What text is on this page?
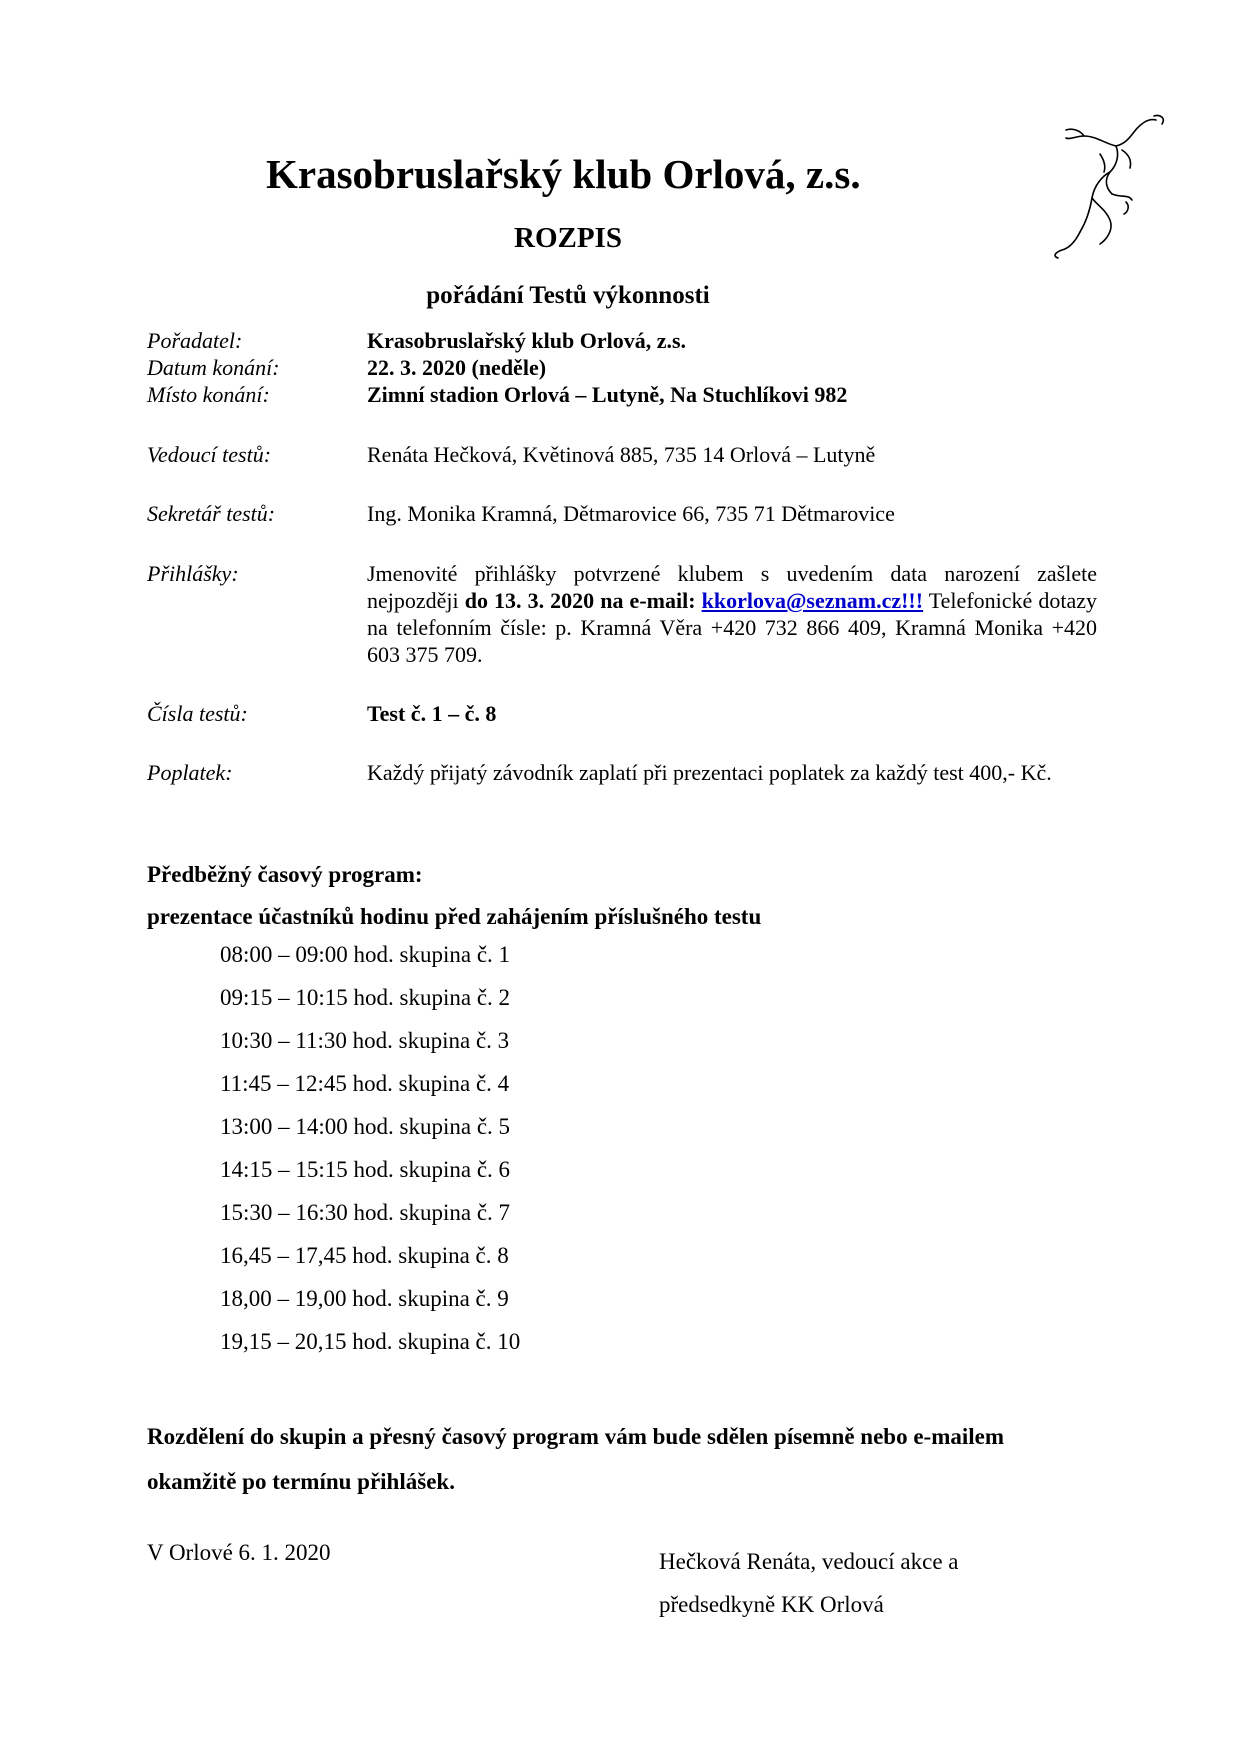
Krasobruslařský klub Orlová, z.s.
ROZPIS
pořádání Testů výkonnosti
Pořadatel:	Krasobruslařský klub Orlová, z.s.
Datum konání:	22. 3. 2020 (neděle)
Místo konání:	Zimní stadion Orlová – Lutyně, Na Stuchlíkovi 982
Vedoucí testů:	Renáta Hečková, Květinová 885, 735 14 Orlová – Lutyně
Sekretář testů:	Ing. Monika Kramná, Dětmarovice 66, 735 71 Dětmarovice
Přihlášky:	Jmenovité přihlášky potvrzené klubem s uvedením data narození zašlete nejpozději do 13. 3. 2020 na e-mail: kkorlova@seznam.cz!!! Telefonické dotazy na telefonním čísle: p. Kramná Věra +420 732 866 409, Kramná Monika +420 603 375 709.
Čísla testů:	Test č. 1 – č. 8
Poplatek:	Každý přijatý závodník zaplatí při prezentaci poplatek za každý test 400,- Kč.
Předběžný časový program:
prezentace účastníků hodinu před zahájením příslušného testu
08:00 – 09:00 hod. skupina č. 1
09:15 – 10:15 hod. skupina č. 2
10:30 – 11:30 hod. skupina č. 3
11:45 – 12:45 hod. skupina č. 4
13:00 – 14:00 hod. skupina č. 5
14:15 – 15:15 hod. skupina č. 6
15:30 – 16:30 hod. skupina č. 7
16,45 – 17,45 hod. skupina č. 8
18,00 – 19,00 hod. skupina č. 9
19,15 – 20,15 hod. skupina č. 10
Rozdělení do skupin a přesný časový program vám bude sdělen písemně nebo e-mailem okamžitě po termínu přihlášek.
V Orlové 6. 1. 2020	Hečková Renáta, vedoucí akce a
předsedkyně KK Orlová
